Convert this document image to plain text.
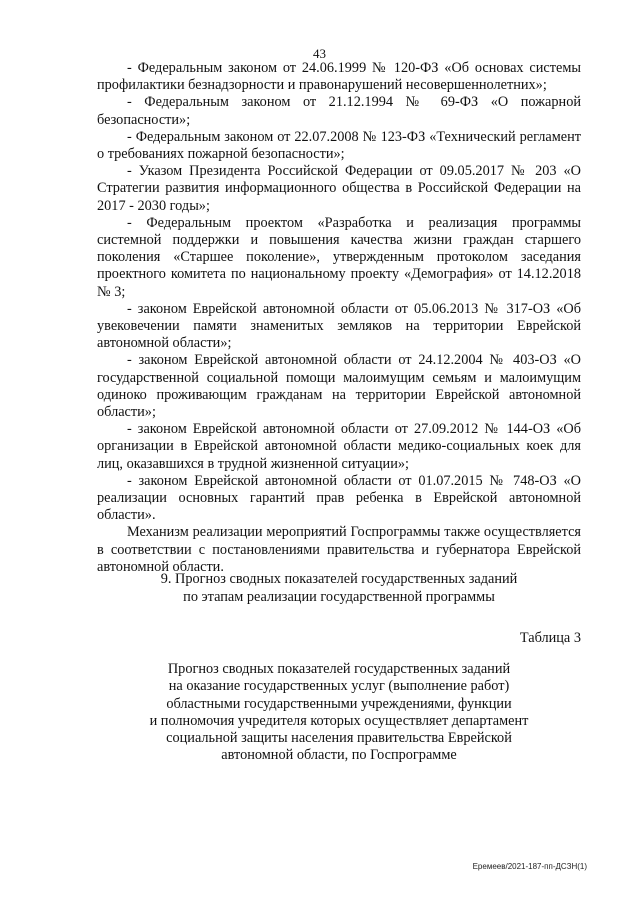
43

- Федеральным законом от 24.06.1999 № 120-ФЗ «Об основах системы профилактики безнадзорности и правонарушений несовершеннолетних»;

- Федеральным законом от 21.12.1994 № 69-ФЗ «О пожарной безопасности»;

- Федеральным законом от 22.07.2008 № 123-ФЗ «Технический регламент о требованиях пожарной безопасности»;

- Указом Президента Российской Федерации от 09.05.2017 № 203 «О Стратегии развития информационного общества в Российской Федерации на 2017 - 2030 годы»;

- Федеральным проектом «Разработка и реализация программы системной поддержки и повышения качества жизни граждан старшего поколения «Старшее поколение», утвержденным протоколом заседания проектного комитета по национальному проекту «Демография» от 14.12.2018 № 3;

- законом Еврейской автономной области от 05.06.2013 № 317-ОЗ «Об увековечении памяти знаменитых земляков на территории Еврейской автономной области»;

- законом Еврейской автономной области от 24.12.2004 № 403-ОЗ «О государственной социальной помощи малоимущим семьям и малоимущим одиноко проживающим гражданам на территории Еврейской автономной области»;

- законом Еврейской автономной области от 27.09.2012 № 144-ОЗ «Об организации в Еврейской автономной области медико-социальных коек для лиц, оказавшихся в трудной жизненной ситуации»;

- законом Еврейской автономной области от 01.07.2015 № 748-ОЗ «О реализации основных гарантий прав ребенка в Еврейской автономной области».

Механизм реализации мероприятий Госпрограммы также осуществляется в соответствии с постановлениями правительства и губернатора Еврейской автономной области.

9. Прогноз сводных показателей государственных заданий
по этапам реализации государственной программы
Таблица 3
Прогноз сводных показателей государственных заданий
на оказание государственных услуг (выполнение работ)
областными государственными учреждениями, функции
и полномочия учредителя которых осуществляет департамент
социальной защиты населения правительства Еврейской
автономной области, по Госпрограмме
Еремеев/2021-187-пп-ДСЗН(1)
